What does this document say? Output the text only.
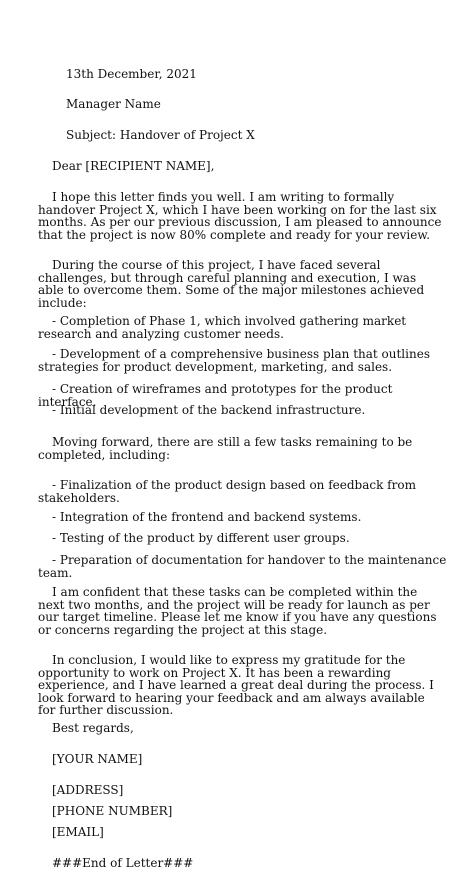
13th December, 2021
Manager Name
Subject: Handover of Project X
Dear [RECIPIENT NAME],
I hope this letter finds you well. I am writing to formally handover Project X, which I have been working on for the last six months. As per our previous discussion, I am pleased to announce that the project is now 80% complete and ready for your review.
During the course of this project, I have faced several challenges, but through careful planning and execution, I was able to overcome them. Some of the major milestones achieved include:
- Completion of Phase 1, which involved gathering market research and analyzing customer needs.
- Development of a comprehensive business plan that outlines strategies for product development, marketing, and sales.
- Creation of wireframes and prototypes for the product interface.
- Initial development of the backend infrastructure.
Moving forward, there are still a few tasks remaining to be completed, including:
- Finalization of the product design based on feedback from stakeholders.
- Integration of the frontend and backend systems.
- Testing of the product by different user groups.
- Preparation of documentation for handover to the maintenance team.
I am confident that these tasks can be completed within the next two months, and the project will be ready for launch as per our target timeline. Please let me know if you have any questions or concerns regarding the project at this stage.
In conclusion, I would like to express my gratitude for the opportunity to work on Project X. It has been a rewarding experience, and I have learned a great deal during the process. I look forward to hearing your feedback and am always available for further discussion.
Best regards,
[YOUR NAME]
[ADDRESS]
[PHONE NUMBER]
[EMAIL]
###End of Letter###
